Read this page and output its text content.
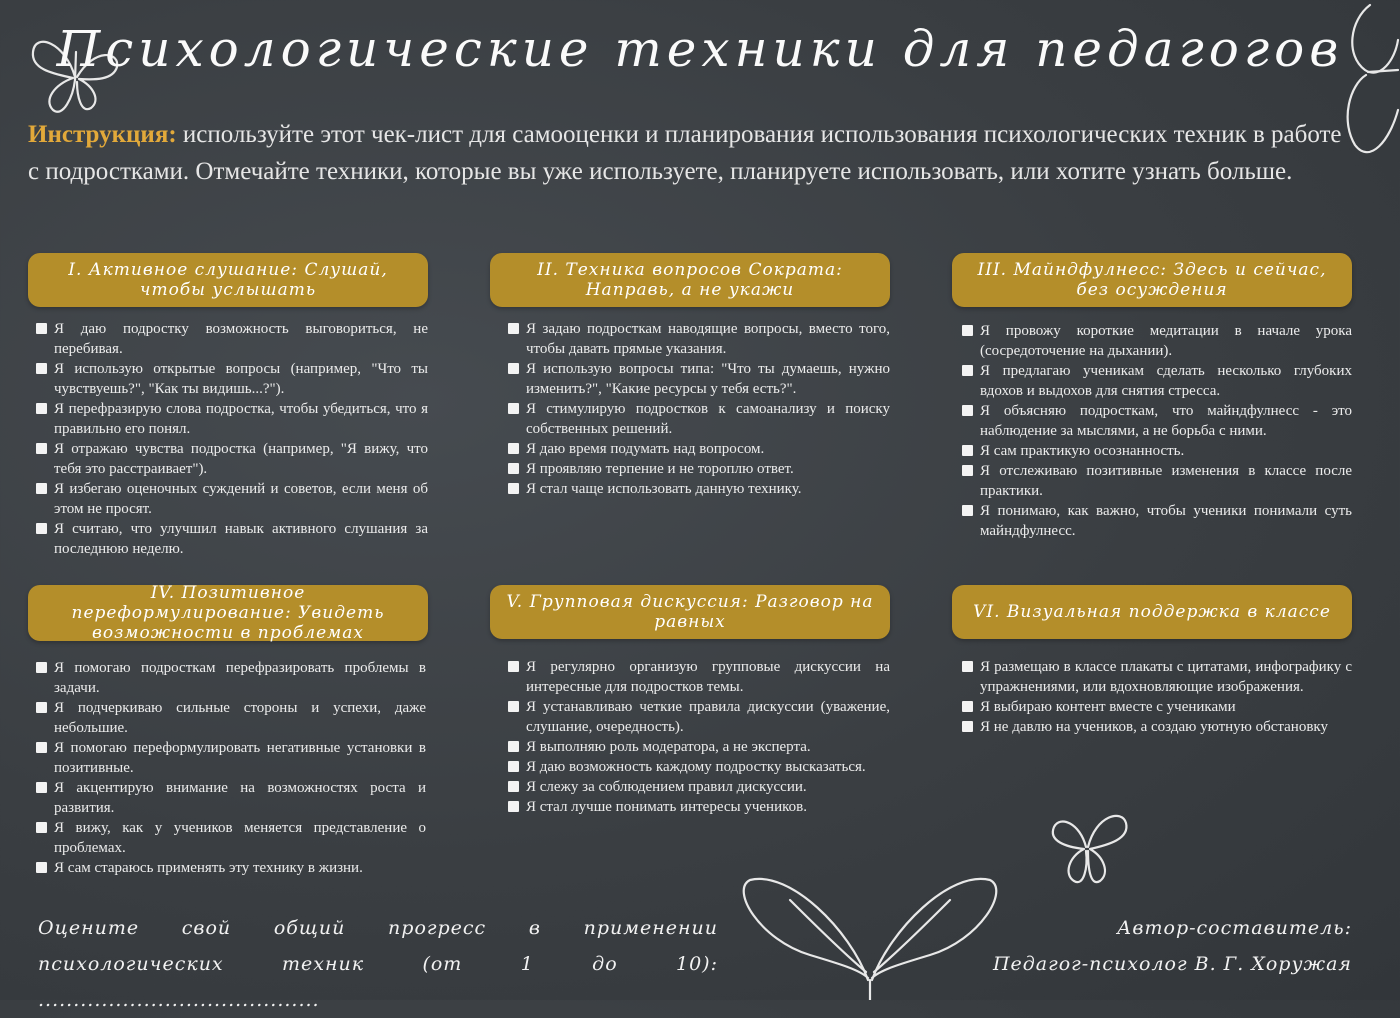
Психологические техники для педагогов
Инструкция: используйте этот чек-лист для самооценки и планирования использования психологических техник в работе с подростками. Отмечайте техники, которые вы уже используете, планируете использовать, или хотите узнать больше.
I. Активное слушание: Слушай, чтобы услышать
Я даю подростку возможность выговориться, не перебивая.
Я использую открытые вопросы (например, "Что ты чувствуешь?", "Как ты видишь...?").
Я перефразирую слова подростка, чтобы убедиться, что я правильно его понял.
Я отражаю чувства подростка (например, "Я вижу, что тебя это расстраивает").
Я избегаю оценочных суждений и советов, если меня об этом не просят.
Я считаю, что улучшил навык активного слушания за последнюю неделю.
II. Техника вопросов Сократа: Направь, а не укажи
Я задаю подросткам наводящие вопросы, вместо того, чтобы давать прямые указания.
Я использую вопросы типа: "Что ты думаешь, нужно изменить?", "Какие ресурсы у тебя есть?".
Я стимулирую подростков к самоанализу и поиску собственных решений.
Я даю время подумать над вопросом.
Я проявляю терпение и не тороплю ответ.
Я стал чаще использовать данную технику.
III. Майндфулнесс: Здесь и сейчас, без осуждения
Я провожу короткие медитации в начале урока (сосредоточение на дыхании).
Я предлагаю ученикам сделать несколько глубоких вдохов и выдохов для снятия стресса.
Я объясняю подросткам, что майндфулнесс - это наблюдение за мыслями, а не борьба с ними.
Я сам практикую осознанность.
Я отслеживаю позитивные изменения в классе после практики.
Я понимаю, как важно, чтобы ученики понимали суть майндфулнесс.
IV. Позитивное переформулирование: Увидеть возможности в проблемах
Я помогаю подросткам перефразировать проблемы в задачи.
Я подчеркиваю сильные стороны и успехи, даже небольшие.
Я помогаю переформулировать негативные установки в позитивные.
Я акцентирую внимание на возможностях роста и развития.
Я вижу, как у учеников меняется представление о проблемах.
Я сам стараюсь применять эту технику в жизни.
V. Групповая дискуссия: Разговор на равных
Я регулярно организую групповые дискуссии на интересные для подростков темы.
Я устанавливаю четкие правила дискуссии (уважение, слушание, очередность).
Я выполняю роль модератора, а не эксперта.
Я даю возможность каждому подростку высказаться.
Я слежу за соблюдением правил дискуссии.
Я стал лучше понимать интересы учеников.
VI. Визуальная поддержка в классе
Я размещаю в классе плакаты с цитатами, инфографику с упражнениями, или вдохновляющие изображения.
Я выбираю контент вместе с учениками
Я не давлю на учеников, а создаю уютную обстановку
Оцените свой общий прогресс в применении психологических техник (от 1 до 10): ........................................
Автор-составитель:
Педагог-психолог В. Г. Хоружая
